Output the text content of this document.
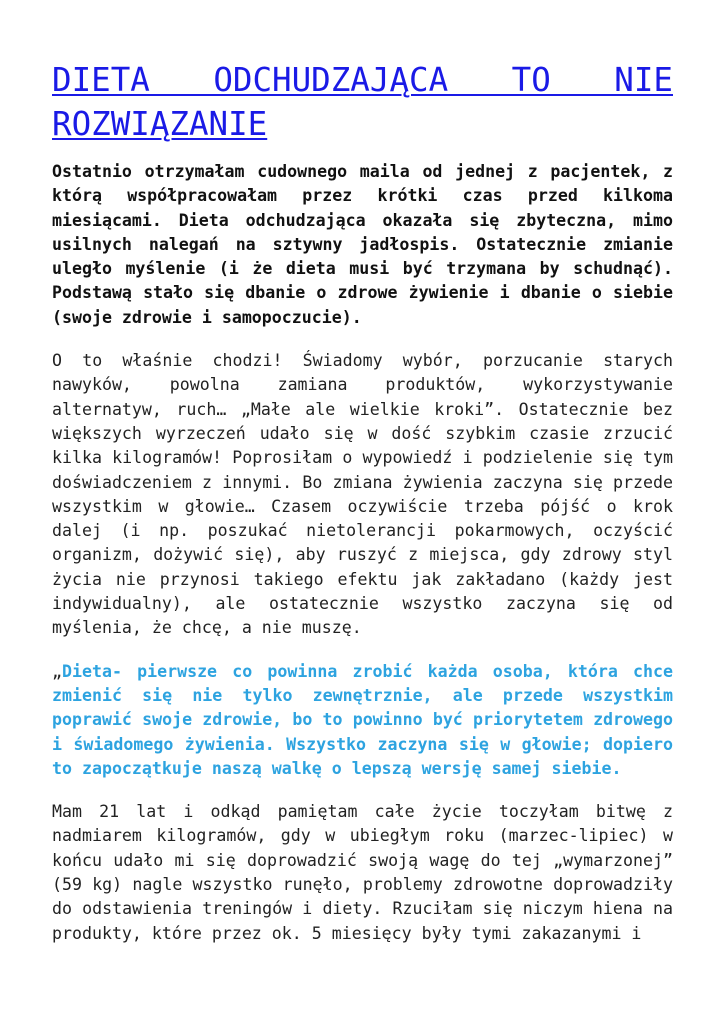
DIETA ODCHUDZAJĄCA TO NIE ROZWIĄZANIE

Ostatnio otrzymałam cudownego maila od jednej z pacjentek, z którą współpracowałam przez krótki czas przed kilkoma miesiącami. Dieta odchudzająca okazała się zbyteczna, mimo usilnych nalegań na sztywny jadłospis. Ostatecznie zmianie uległo myślenie (i że dieta musi być trzymana by schudnąć). Podstawą stało się dbanie o zdrowe żywienie i dbanie o siebie (swoje zdrowie i samopoczucie).

O to właśnie chodzi! Świadomy wybór, porzucanie starych nawyków, powolna zamiana produktów, wykorzystywanie alternatyw, ruch… „Małe ale wielkie kroki”. Ostatecznie bez większych wyrzeczeń udało się w dość szybkim czasie zrzucić kilka kilogramów! Poprosiłam o wypowiedź i podzielenie się tym doświadczeniem z innymi. Bo zmiana żywienia zaczyna się przede wszystkim w głowie… Czasem oczywiście trzeba pójść o krok dalej (i np. poszukać nietolerancji pokarmowych, oczyścić organizm, dożywić się), aby ruszyć z miejsca, gdy zdrowy styl życia nie przynosi takiego efektu jak zakładano (każdy jest indywidualny), ale ostatecznie wszystko zaczyna się od myślenia, że chcę, a nie muszę.

„Dieta- pierwsze co powinna zrobić każda osoba, która chce zmienić się nie tylko zewnętrznie, ale przede wszystkim poprawić swoje zdrowie, bo to powinno być priorytetem zdrowego i świadomego żywienia. Wszystko zaczyna się w głowie; dopiero to zapoczątkuje naszą walkę o lepszą wersję samej siebie.

Mam 21 lat i odkąd pamiętam całe życie toczyłam bitwę z nadmiarem kilogramów, gdy w ubiegłym roku (marzec-lipiec) w końcu udało mi się doprowadzić swoją wagę do tej „wymarzonej” (59 kg) nagle wszystko runęło, problemy zdrowotne doprowadziły do odstawienia treningów i diety. Rzuciłam się niczym hiena na produkty, które przez ok. 5 miesięcy były tymi zakazanymi i
